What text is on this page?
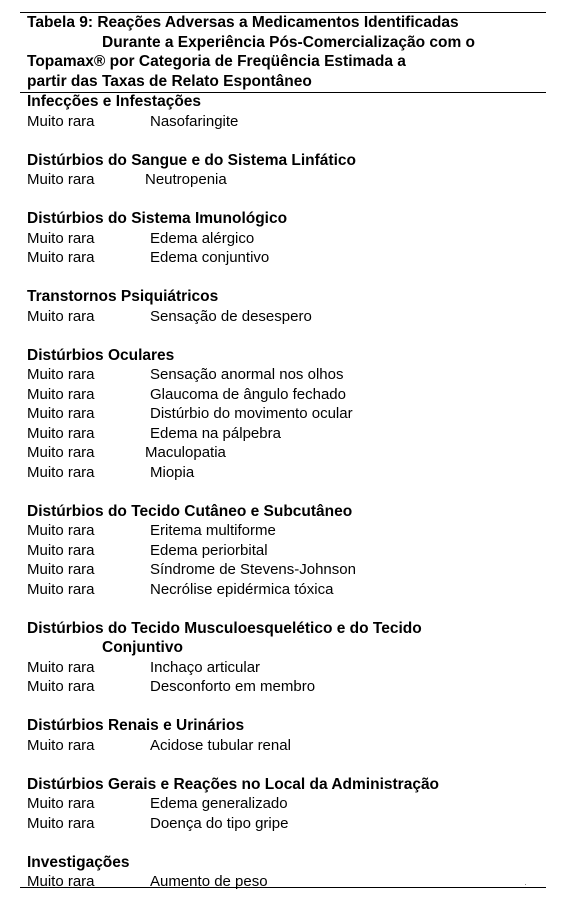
Tabela 9: Reações Adversas a Medicamentos Identificadas
Durante a Experiência Pós-Comercialização com o
Topamax® por Categoria de Freqüência Estimada a
partir das Taxas de Relato Espontâneo
Infecções e Infestações
Muito rara	Nasofaringite
Distúrbios do Sangue e do Sistema Linfático
Muito rara	Neutropenia
Distúrbios do Sistema Imunológico
Muito rara	Edema alérgico
Muito rara	Edema conjuntivo
Transtornos Psiquiátricos
Muito rara	Sensação de desespero
Distúrbios Oculares
Muito rara	Sensação anormal nos olhos
Muito rara	Glaucoma de ângulo fechado
Muito rara	Distúrbio do movimento ocular
Muito rara	Edema na pálpebra
Muito rara	Maculopatia
Muito rara	Miopia
Distúrbios do Tecido Cutâneo e Subcutâneo
Muito rara	Eritema multiforme
Muito rara	Edema periorbital
Muito rara	Síndrome de Stevens-Johnson
Muito rara	Necrólise epidérmica tóxica
Distúrbios do Tecido Musculoesquelético e do Tecido
Conjuntivo
Muito rara	Inchaço articular
Muito rara	Desconforto em membro
Distúrbios Renais e Urinários
Muito rara	Acidose tubular renal
Distúrbios Gerais e Reações no Local da Administração
Muito rara	Edema generalizado
Muito rara	Doença do tipo gripe
Investigações
Muito rara	Aumento de peso
